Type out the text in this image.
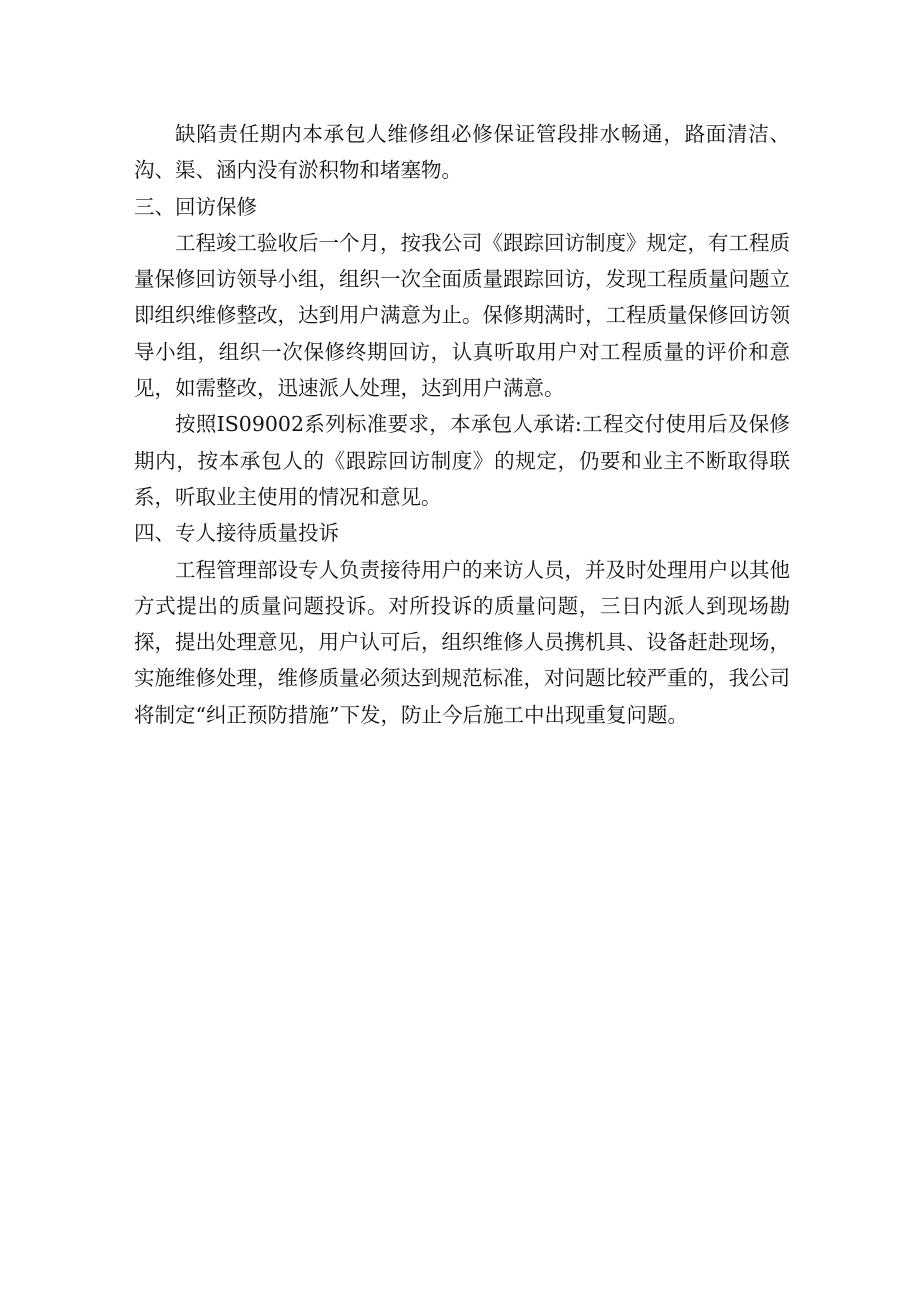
缺陷责任期内本承包人维修组必修保证管段排水畅通，路面清洁、沟、渠、涵内没有淤积物和堵塞物。

三、回访保修

工程竣工验收后一个月，按我公司《跟踪回访制度》规定，有工程质量保修回访领导小组，组织一次全面质量跟踪回访，发现工程质量问题立即组织维修整改，达到用户满意为止。保修期满时，工程质量保修回访领导小组，组织一次保修终期回访，认真听取用户对工程质量的评价和意见，如需整改，迅速派人处理，达到用户满意。

按照IS09002系列标准要求，本承包人承诺:工程交付使用后及保修期内，按本承包人的《跟踪回访制度》的规定，仍要和业主不断取得联系，听取业主使用的情况和意见。

四、专人接待质量投诉

工程管理部设专人负责接待用户的来访人员，并及时处理用户以其他方式提出的质量问题投诉。对所投诉的质量问题，三日内派人到现场勘探，提出处理意见，用户认可后，组织维修人员携机具、设备赶赴现场，实施维修处理，维修质量必须达到规范标准，对问题比较严重的，我公司将制定“纠正预防措施”下发，防止今后施工中出现重复问题。
